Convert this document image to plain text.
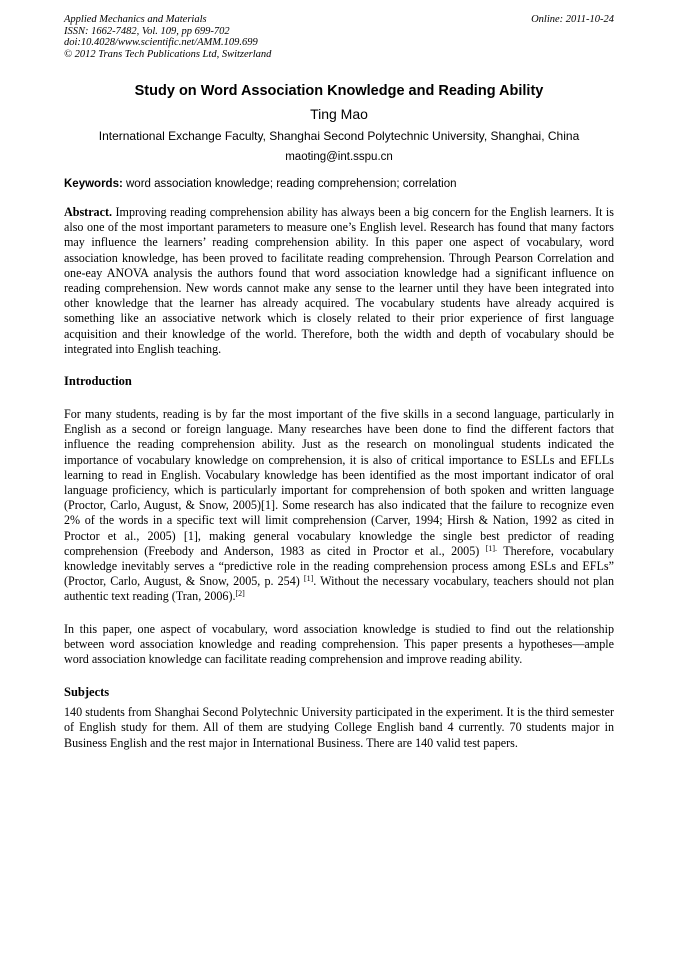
Applied Mechanics and Materials
ISSN: 1662-7482, Vol. 109, pp 699-702
doi:10.4028/www.scientific.net/AMM.109.699
© 2012 Trans Tech Publications Ltd, Switzerland
Online: 2011-10-24
Study on Word Association Knowledge and Reading Ability
Ting Mao
International Exchange Faculty, Shanghai Second Polytechnic University, Shanghai, China
maoting@int.sspu.cn
Keywords: word association knowledge; reading comprehension; correlation

Abstract. Improving reading comprehension ability has always been a big concern for the English learners. It is also one of the most important parameters to measure one’s English level. Research has found that many factors may influence the learners’ reading comprehension ability. In this paper one aspect of vocabulary, word association knowledge, has been proved to facilitate reading comprehension. Through Pearson Correlation and one-eay ANOVA analysis the authors found that word association knowledge had a significant influence on reading comprehension. New words cannot make any sense to the learner until they have been integrated into other knowledge that the learner has already acquired. The vocabulary students have already acquired is something like an associative network which is closely related to their prior experience of first language acquisition and their knowledge of the world. Therefore, both the width and depth of vocabulary should be integrated into English teaching.

Introduction

For many students, reading is by far the most important of the five skills in a second language, particularly in English as a second or foreign language. Many researches have been done to find the different factors that influence the reading comprehension ability. Just as the research on monolingual students indicated the importance of vocabulary knowledge on comprehension, it is also of critical importance to ESLLs and EFLLs learning to read in English. Vocabulary knowledge has been identified as the most important indicator of oral language proficiency, which is particularly important for comprehension of both spoken and written language (Proctor, Carlo, August, & Snow, 2005)[1]. Some research has also indicated that the failure to recognize even 2% of the words in a specific text will limit comprehension (Carver, 1994; Hirsh & Nation, 1992 as cited in Proctor et al., 2005) [1], making general vocabulary knowledge the single best predictor of reading comprehension (Freebody and Anderson, 1983 as cited in Proctor et al., 2005) $^{[1].}$ Therefore, vocabulary knowledge inevitably serves a “predictive role in the reading comprehension process among ESLs and EFLs” (Proctor, Carlo, August, & Snow, 2005, p. 254) [1]. Without the necessary vocabulary, teachers should not plan authentic text reading (Tran, 2006).[2]

In this paper, one aspect of vocabulary, word association knowledge is studied to find out the relationship between word association knowledge and reading comprehension. This paper presents a hypotheses—ample word association knowledge can facilitate reading comprehension and improve reading ability.

Subjects

140 students from Shanghai Second Polytechnic University participated in the experiment. It is the third semester of English study for them. All of them are studying College English band 4 currently. 70 students major in Business English and the rest major in International Business. There are 140 valid test papers.
